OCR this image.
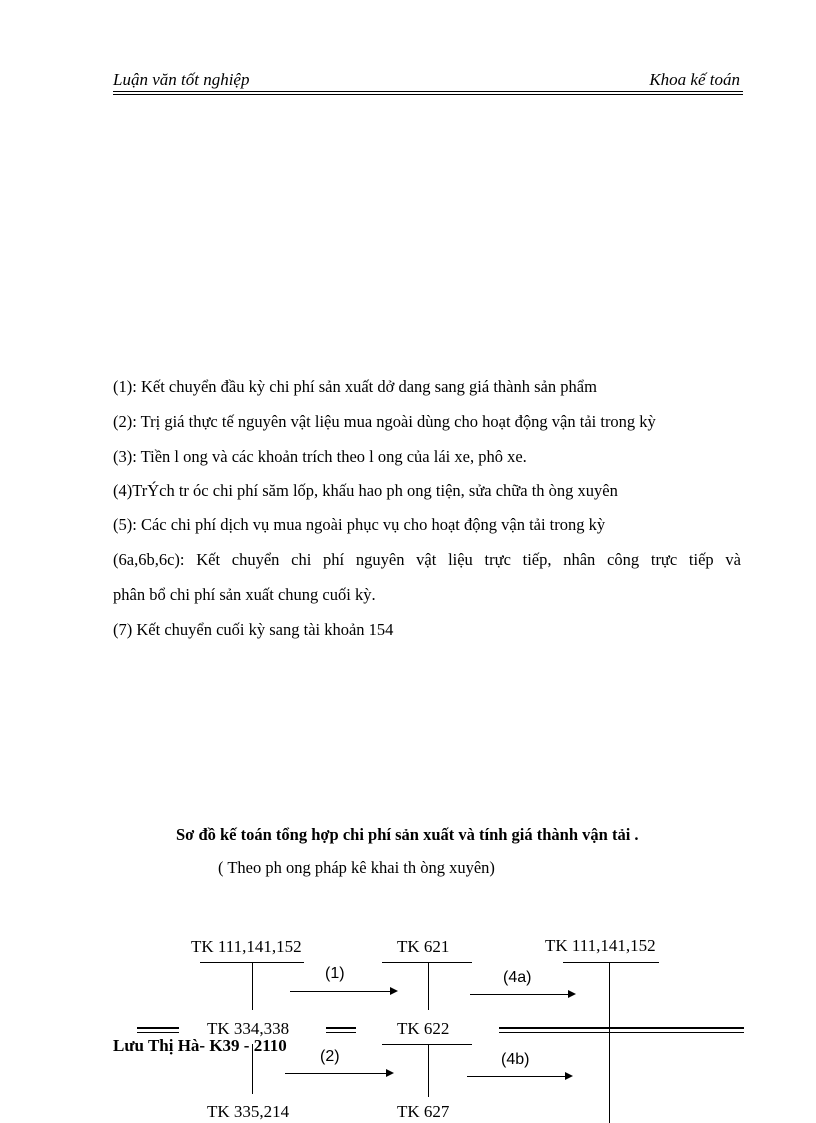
Luận văn tốt nghiệp	Khoa kế toán
(1): Kết chuyển đầu kỳ chi phí sản xuất dở dang sang giá thành sản phẩm
(2): Trị giá thực tế nguyên vật liệu mua ngoài dùng cho hoạt động vận tải trong kỳ
(3): Tiền l ong và các khoản trích theo l ong của lái xe, phô xe.
(4)TrÝch tr óc chi phí săm lốp, khấu hao ph ong tiện, sửa chữa th òng xuyên
(5): Các chi phí dịch vụ mua ngoài phục vụ cho hoạt động vận tải trong kỳ
(6a,6b,6c): Kết chuyển chi phí nguyên vật liệu trực tiếp, nhân công trực tiếp và
phân bổ chi phí sản xuất chung cuối kỳ.
(7) Kết chuyển cuối kỳ sang tài khoản 154
Sơ đồ kế toán tổng hợp chi phí sản xuất và tính giá thành vận tải .
( Theo ph ong pháp kê khai th òng xuyên)
TK 111,141,152	TK 621	TK 111,141,152
(1)	(4a)
Lưu Thị Hà- K39 - 2110
TK 334,338	TK 622
(2)	(4b)
TK 335,214	TK 627
